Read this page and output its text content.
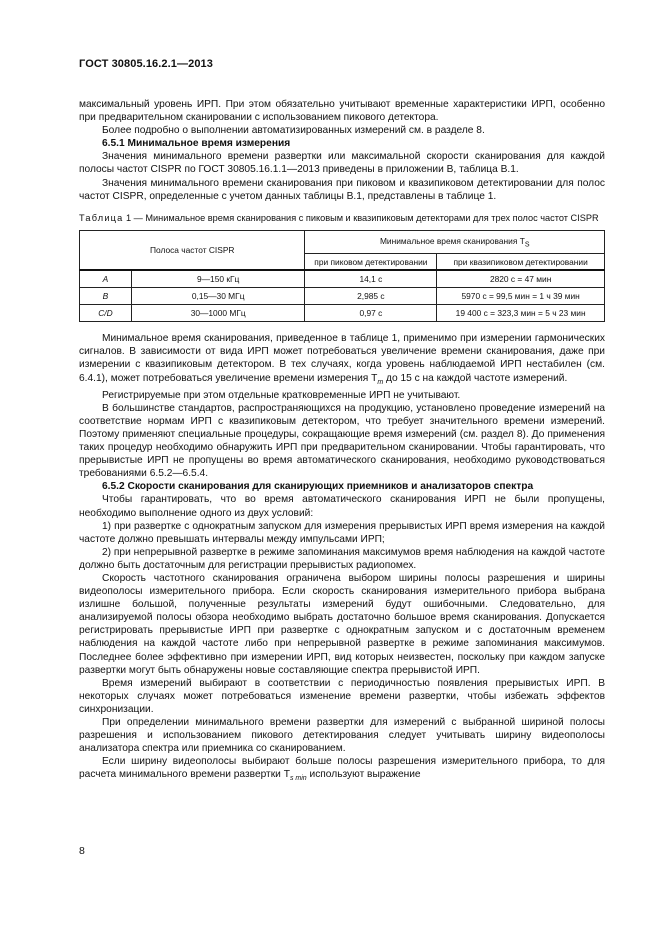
ГОСТ 30805.16.2.1—2013

максимальный уровень ИРП. При этом обязательно учитывают временные характеристики ИРП, особенно при предварительном сканировании с использованием пикового детектора.

Более подробно о выполнении автоматизированных измерений см. в разделе 8.

6.5.1 Минимальное время измерения

Значения минимального времени развертки или максимальной скорости сканирования для каждой полосы частот CISPR по ГОСТ 30805.16.1.1—2013 приведены в приложении В, таблица В.1.

Значения минимального времени сканирования при пиковом и квазипиковом детектировании для полос частот CISPR, определенные с учетом данных таблицы В.1, представлены в таблице 1.

Таблица 1 — Минимальное время сканирования с пиковым и квазипиковым детекторами для трех полос частот CISPR

Полоса частот CISPR		Минимальное время сканирования $T_S$
		при пиковом детектировании	при квазипиковом детектировании
A	9—150 кГц	14,1 с	2820 с = 47 мин
B	0,15—30 МГц	2,985 с	5970 с = 99,5 мин = 1 ч 39 мин
C/D	30—1000 МГц	0,97 с	19 400 с = 323,3 мин = 5 ч 23 мин

Минимальное время сканирования, приведенное в таблице 1, применимо при измерении гармонических сигналов. В зависимости от вида ИРП может потребоваться увеличение времени сканирования, даже при измерении с квазипиковым детектором. В тех случаях, когда уровень наблюдаемой ИРП нестабилен (см. 6.4.1), может потребоваться увеличение времени измерения $T_m$ до 15 с на каждой частоте измерений.

Регистрируемые при этом отдельные кратковременные ИРП не учитывают.

В большинстве стандартов, распространяющихся на продукцию, установлено проведение измерений на соответствие нормам ИРП с квазипиковым детектором, что требует значительного времени измерений. Поэтому применяют специальные процедуры, сокращающие время измерений (см. раздел 8). До применения таких процедур необходимо обнаружить ИРП при предварительном сканировании. Чтобы гарантировать, что прерывистые ИРП не пропущены во время автоматического сканирования, необходимо руководствоваться требованиями 6.5.2—6.5.4.

6.5.2 Скорости сканирования для сканирующих приемников и анализаторов спектра

Чтобы гарантировать, что во время автоматического сканирования ИРП не были пропущены, необходимо выполнение одного из двух условий:

1) при развертке с однократным запуском для измерения прерывистых ИРП время измерения на каждой частоте должно превышать интервалы между импульсами ИРП;

2) при непрерывной развертке в режиме запоминания максимумов время наблюдения на каждой частоте должно быть достаточным для регистрации прерывистых радиопомех.

Скорость частотного сканирования ограничена выбором ширины полосы разрешения и ширины видеополосы измерительного прибора. Если скорость сканирования измерительного прибора выбрана излишне большой, полученные результаты измерений будут ошибочными. Следовательно, для анализируемой полосы обзора необходимо выбрать достаточно большое время сканирования. Допускается регистрировать прерывистые ИРП при развертке с однократным запуском и с достаточным временем наблюдения на каждой частоте либо при непрерывной развертке в режиме запоминания максимумов. Последнее более эффективно при измерении ИРП, вид которых неизвестен, поскольку при каждом запуске развертки могут быть обнаружены новые составляющие спектра прерывистой ИРП.

Время измерений выбирают в соответствии с периодичностью появления прерывистых ИРП. В некоторых случаях может потребоваться изменение времени развертки, чтобы избежать эффектов синхронизации.

При определении минимального времени развертки для измерений с выбранной шириной полосы разрешения и использованием пикового детектирования следует учитывать ширину видеополосы анализатора спектра или приемника со сканированием.

Если ширину видеополосы выбирают больше полосы разрешения измерительного прибора, то для расчета минимального времени развертки $T_{s min}$ используют выражение

8
